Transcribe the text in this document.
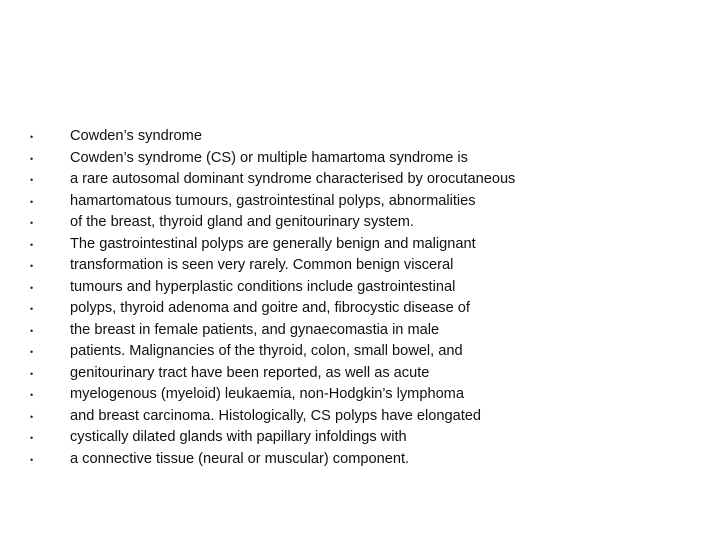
•	Cowden’s syndrome
•	Cowden’s syndrome (CS) or multiple hamartoma syndrome is
•	a rare autosomal dominant syndrome characterised by orocutaneous
•	hamartomatous tumours, gastrointestinal polyps, abnormalities
•	of the breast, thyroid gland and genitourinary system.
•	The gastrointestinal polyps are generally benign and malignant
•	transformation is seen very rarely. Common benign visceral
•	tumours and hyperplastic conditions include gastrointestinal
•	polyps, thyroid adenoma and goitre and, fibrocystic disease of
•	the breast in female patients, and gynaecomastia in male
•	patients. Malignancies of the thyroid, colon, small bowel, and
•	genitourinary tract have been reported, as well as acute
•	myelogenous (myeloid) leukaemia, non-Hodgkin’s lymphoma
•	and breast carcinoma. Histologically, CS polyps have elongated
•	cystically dilated glands with papillary infoldings with
•	a connective tissue (neural or muscular) component.
